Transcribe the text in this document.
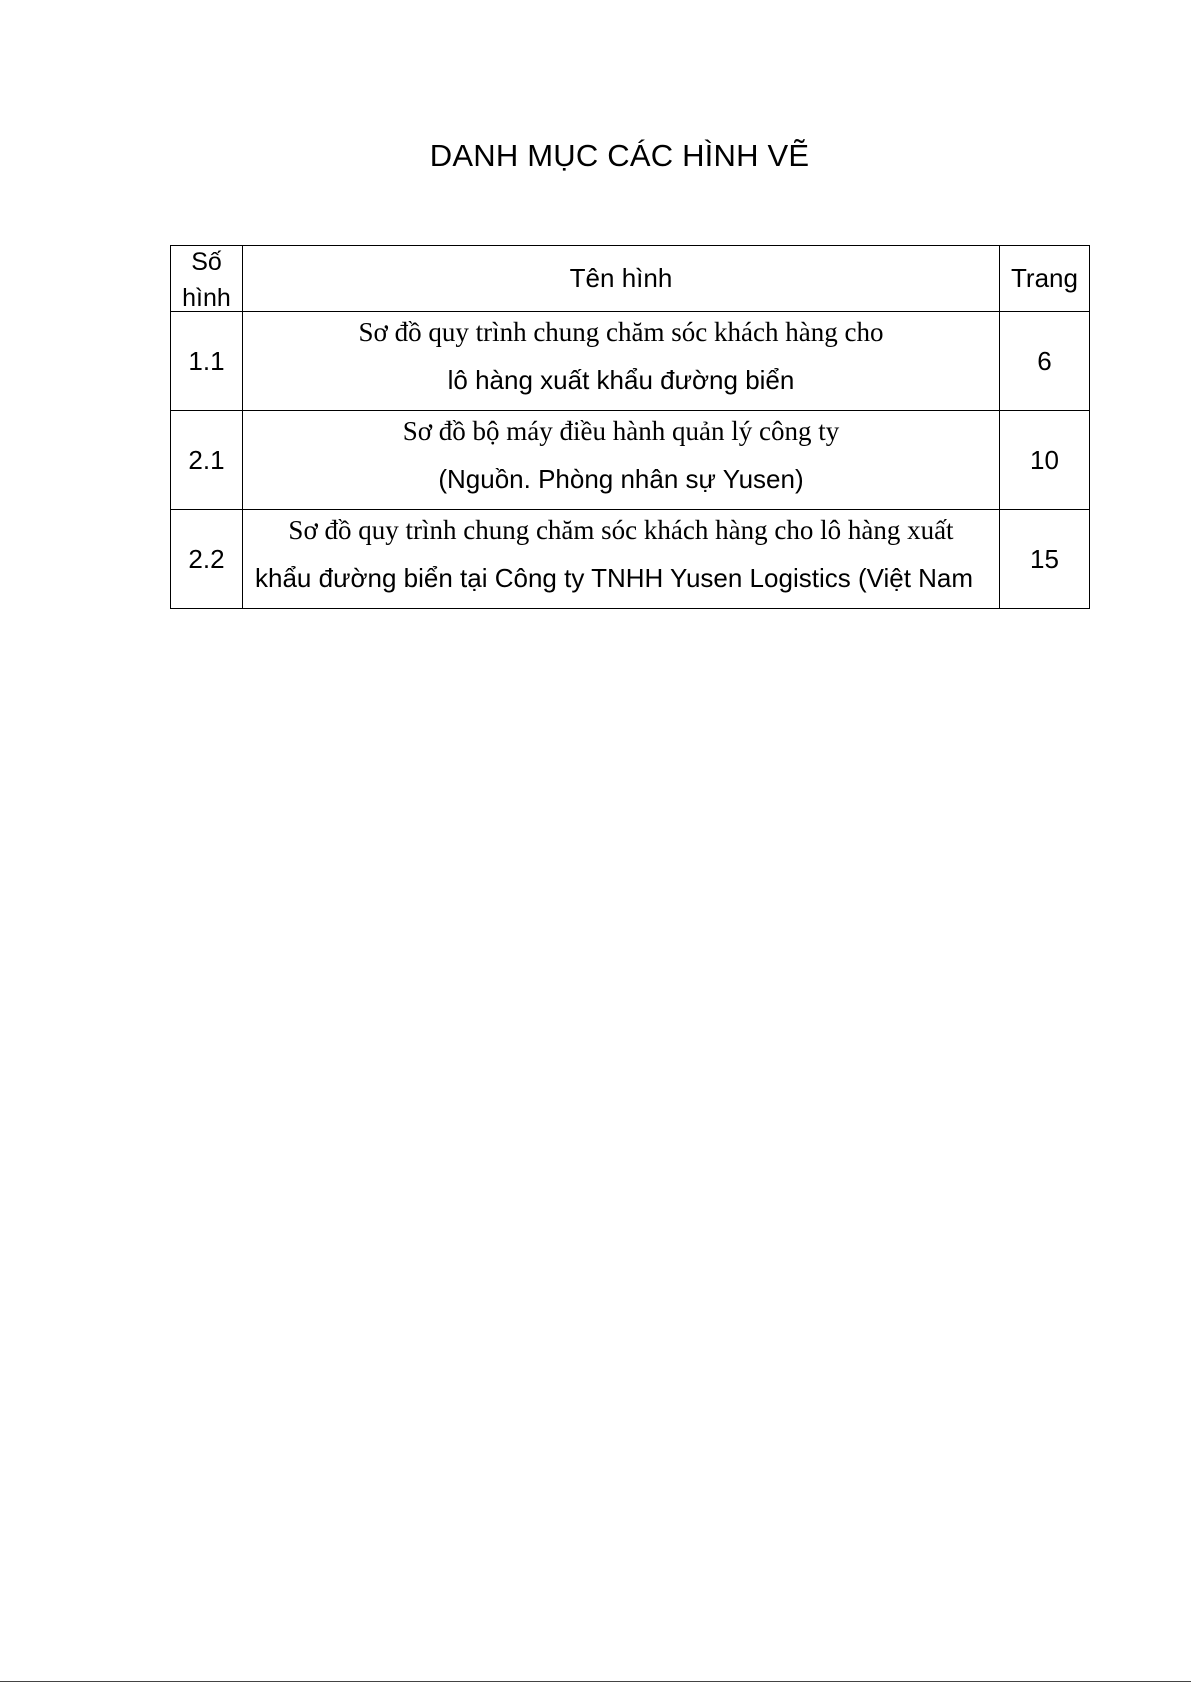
DANH MỤC CÁC HÌNH VẼ
Số
hình	Tên hình	Trang
1.1	Sơ đồ quy trình chung chăm sóc khách hàng cho
lô hàng xuất khẩu đường biển	6
2.1	Sơ đồ bộ máy điều hành quản lý công ty
(Nguồn. Phòng nhân sự Yusen)	10
2.2	Sơ đồ quy trình chung chăm sóc khách hàng cho lô hàng xuất
khẩu đường biển tại Công ty TNHH Yusen Logistics (Việt Nam	15
